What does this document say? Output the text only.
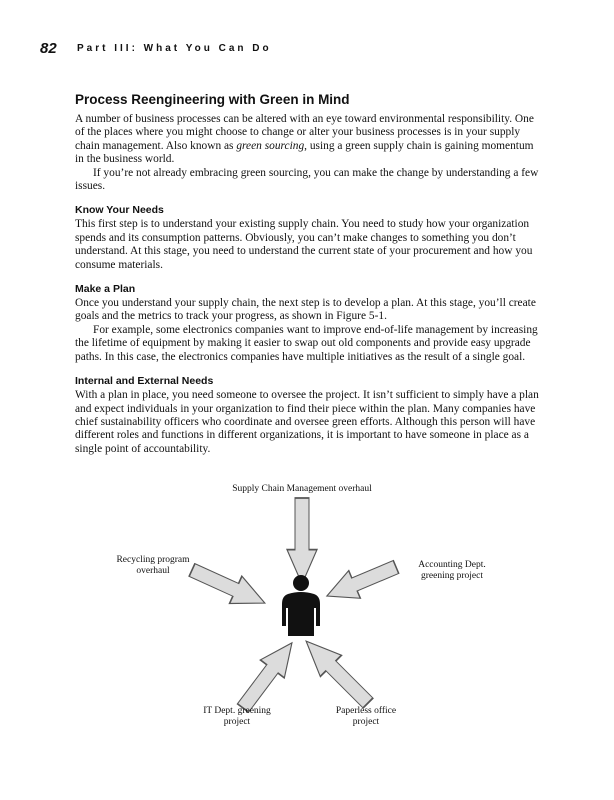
82 Part III: What You Can Do
Process Reengineering with Green in Mind

A number of business processes can be altered with an eye toward environmental responsibility. One of the places where you might choose to change or alter your business processes is in your supply chain management. Also known as green sourcing, using a green supply chain is gaining momentum in the business world.

If you’re not already embracing green sourcing, you can make the change by understanding a few issues.

Know Your Needs

This first step is to understand your existing supply chain. You need to study how your organization spends and its consumption patterns. Obviously, you can’t make changes to something you don’t understand. At this stage, you need to understand the current state of your procurement and how you consume materials.

Make a Plan

Once you understand your supply chain, the next step is to develop a plan. At this stage, you’ll create goals and the metrics to track your progress, as shown in Figure 5-1.

For example, some electronics companies want to improve end-of-life management by increasing the lifetime of equipment by making it easier to swap out old components and provide easy upgrade paths. In this case, the electronics companies have multiple initiatives as the result of a single goal.

Internal and External Needs

With a plan in place, you need someone to oversee the project. It isn’t sufficient to simply have a plan and expect individuals in your organization to find their piece within the plan. Many companies have chief sustainability officers who coordinate and oversee green efforts. Although this person will have different roles and functions in different organizations, it is important to have someone in place as a single point of accountability.

Supply Chain Management overhaul
Recycling program
overhaul
Accounting Dept.
greening project
IT Dept. greening
project
Paperless office
project
